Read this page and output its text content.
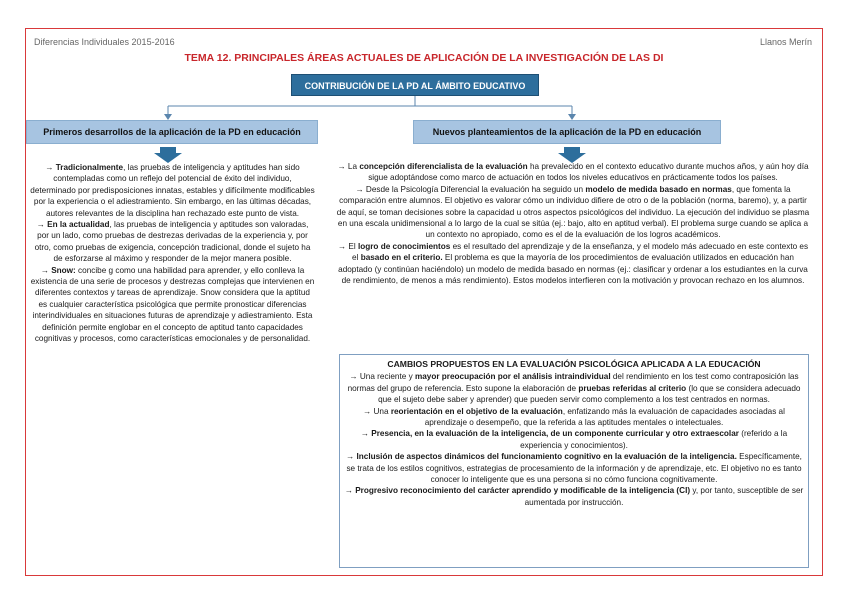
Diferencias Individuales 2015-2016	Llanos Merín
TEMA 12. PRINCIPALES ÁREAS ACTUALES DE APLICACIÓN DE LA INVESTIGACIÓN DE LAS DI
CONTRIBUCIÓN DE LA PD AL ÁMBITO EDUCATIVO
Primeros desarrollos de la aplicación de la PD en educación	Nuevos planteamientos de la aplicación de la PD en educación

→ Tradicionalmente, las pruebas de inteligencia y aptitudes han sido contempladas como un reflejo del potencial de éxito del individuo, determinado por predisposiciones innatas, estables y difícilmente modificables por la experiencia o el adiestramiento. Sin embargo, en las últimas décadas, autores relevantes de la disciplina han rechazado este punto de vista.

→ En la actualidad, las pruebas de inteligencia y aptitudes son valoradas, por un lado, como pruebas de destrezas derivadas de la experiencia y, por otro, como pruebas de exigencia, concepción tradicional, donde el sujeto ha de esforzarse al máximo y responder de la mejor manera posible.

→ Snow: concibe g como una habilidad para aprender, y ello conlleva la existencia de una serie de procesos y destrezas complejas que intervienen en diferentes contextos y tareas de aprendizaje. Snow considera que la aptitud es cualquier característica psicológica que permite pronosticar diferencias interindividuales en situaciones futuras de aprendizaje y adiestramiento. Esta definición permite englobar en el concepto de aptitud tanto capacidades cognitivas y procesos, como características emocionales y de personalidad.

→ La concepción diferencialista de la evaluación ha prevalecido en el contexto educativo durante muchos años, y aún hoy día sigue adoptándose como marco de actuación en todos los niveles educativos en prácticamente todos los países.

→ Desde la Psicología Diferencial la evaluación ha seguido un modelo de medida basado en normas, que fomenta la comparación entre alumnos. El objetivo es valorar cómo un individuo difiere de otro o de la población (norma, baremo), y, a partir de aquí, se toman decisiones sobre la capacidad u otros aspectos psicológicos del individuo. La ejecución del individuo se plasma en una escala unidimensional a lo largo de la cual se sitúa (ej.: bajo, alto en aptitud verbal). El problema surge cuando se aplica a un contexto no apropiado, como es el de la evaluación de los logros académicos.

→ El logro de conocimientos es el resultado del aprendizaje y de la enseñanza, y el modelo más adecuado en este contexto es el basado en el criterio. El problema es que la mayoría de los procedimientos de evaluación utilizados en educación han adoptado (y continúan haciéndolo) un modelo de medida basado en normas (ej.: clasificar y ordenar a los estudiantes en la curva de rendimiento, de menos a más rendimiento). Estos modelos interfieren con la motivación y provocan rechazo en los alumnos.

CAMBIOS PROPUESTOS EN LA EVALUACIÓN PSICOLÓGICA APLICADA A LA EDUCACIÓN

→ Una reciente y mayor preocupación por el análisis intraindividual del rendimiento en los test como contraposición las normas del grupo de referencia. Esto supone la elaboración de pruebas referidas al criterio (lo que se considera adecuado que el sujeto debe saber y aprender) que pueden servir como complemento a los test centrados en normas.

→ Una reorientación en el objetivo de la evaluación, enfatizando más la evaluación de capacidades asociadas al aprendizaje o desempeño, que la referida a las aptitudes mentales o intelectuales.

→ Presencia, en la evaluación de la inteligencia, de un componente curricular y otro extraescolar (referido a la experiencia y conocimientos).

→ Inclusión de aspectos dinámicos del funcionamiento cognitivo en la evaluación de la inteligencia. Específicamente, se trata de los estilos cognitivos, estrategias de procesamiento de la información y de aprendizaje, etc. El objetivo no es tanto conocer lo inteligente que es una persona si no cómo funciona cognitivamente.

→ Progresivo reconocimiento del carácter aprendido y modificable de la inteligencia (CI) y, por tanto, susceptible de ser aumentada por instrucción.
